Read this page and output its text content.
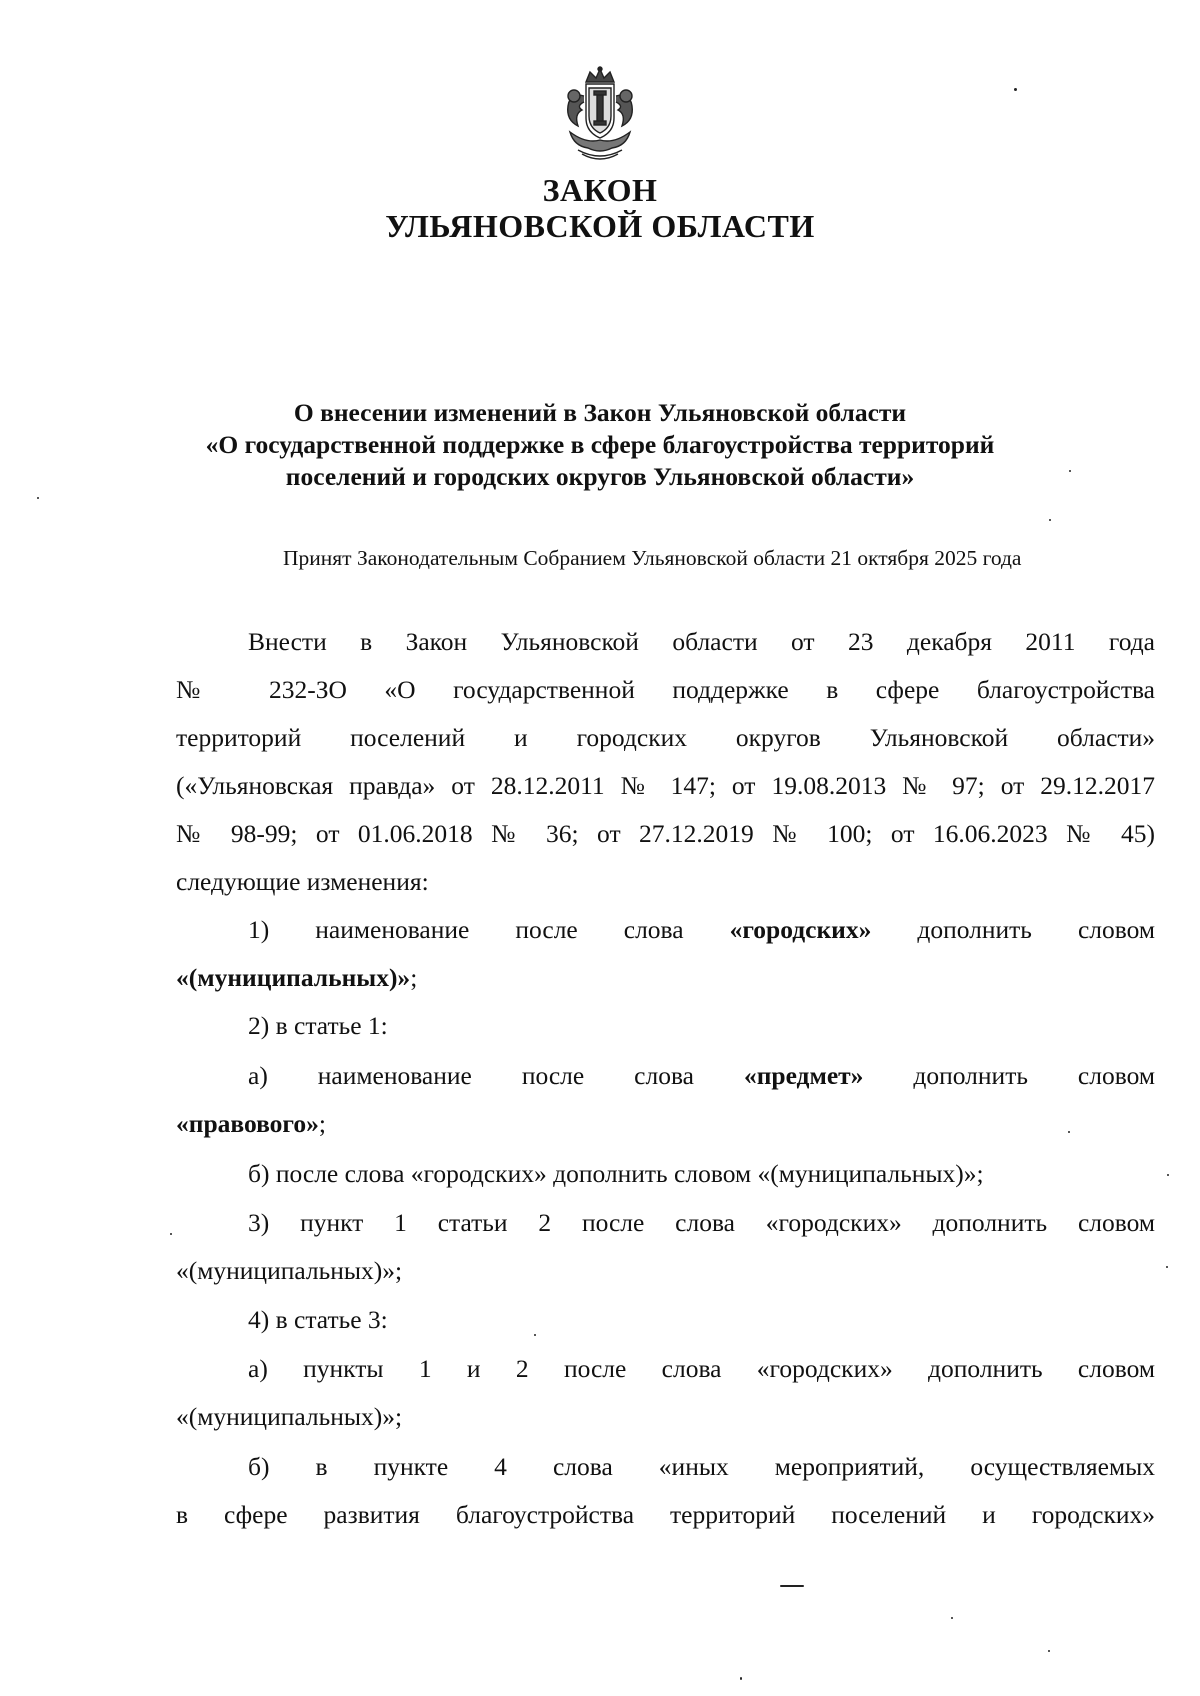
ЗАКОН
УЛЬЯНОВСКОЙ ОБЛАСТИ
О внесении изменений в Закон Ульяновской области
«О государственной поддержке в сфере благоустройства территорий
поселений и городских округов Ульяновской области»
Принят Законодательным Собранием Ульяновской области 21 октября 2025 года
Внести в Закон Ульяновской области от 23 декабря 2011 года
№ 232-ЗО «О государственной поддержке в сфере благоустройства
территорий поселений и городских округов Ульяновской области»
(«Ульяновская правда» от 28.12.2011 № 147; от 19.08.2013 № 97; от 29.12.2017
№ 98-99; от 01.06.2018 № 36; от 27.12.2019 № 100; от 16.06.2023 № 45)
следующие изменения:
1) наименование после слова «городских» дополнить словом
«(муниципальных)»;
2) в статье 1:
а) наименование после слова «предмет» дополнить словом
«правового»;
б) после слова «городских» дополнить словом «(муниципальных)»;
3) пункт 1 статьи 2 после слова «городских» дополнить словом
«(муниципальных)»;
4) в статье 3:
а) пункты 1 и 2 после слова «городских» дополнить словом
«(муниципальных)»;
б) в пункте 4 слова «иных мероприятий, осуществляемых
в сфере развития благоустройства территорий поселений и городских»
